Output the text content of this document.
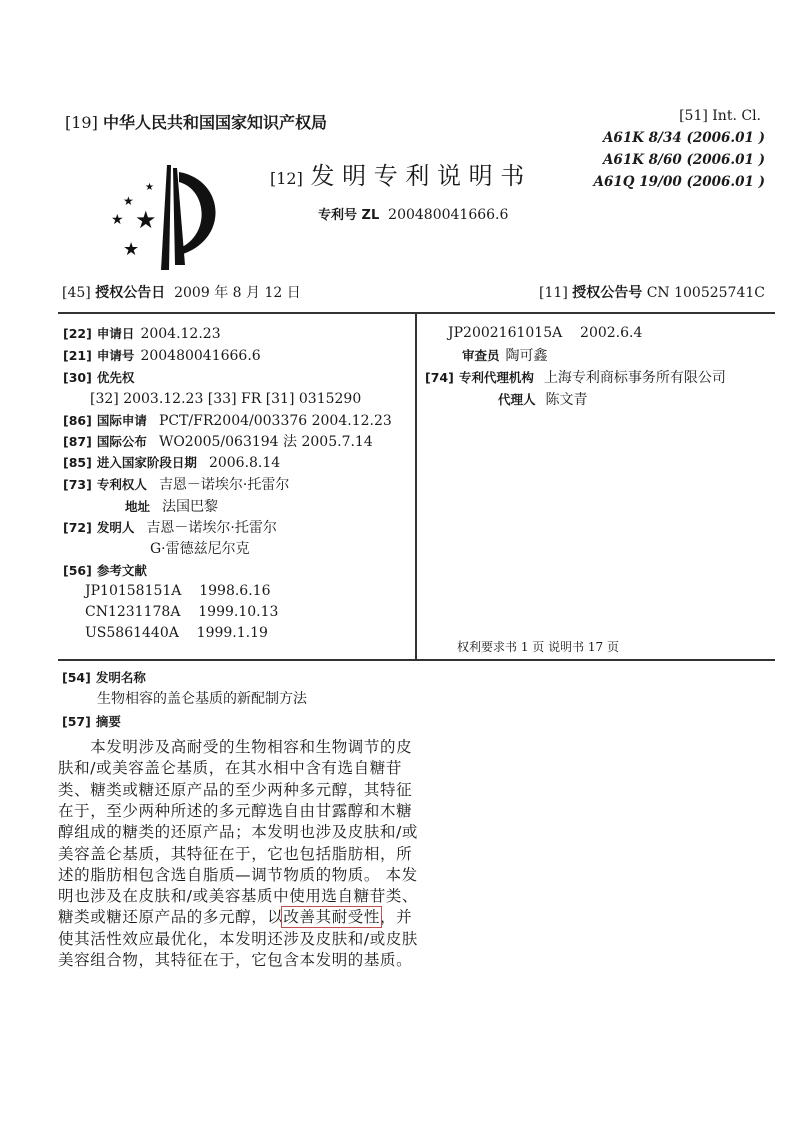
[19] 中华人民共和国国家知识产权局
★
★
★
★
★
[12] 发 明 专 利 说 明 书
专利号 ZL 200480041666.6
[51] Int. Cl.
A61K 8/34 (2006.01 )
A61K 8/60 (2006.01 )
A61Q 19/00 (2006.01 )
[45] 授权公告日 2009 年 8 月 12 日	[11] 授权公告号 CN 100525741C
[22] 申请日 2004.12.23
[21] 申请号 200480041666.6
[30] 优先权
[32] 2003.12.23 [33] FR [31] 0315290
[86] 国际申请 PCT/FR2004/003376 2004.12.23
[87] 国际公布 WO2005/063194 法 2005.7.14
[85] 进入国家阶段日期 2006.8.14
[73] 专利权人 吉恩－诺埃尔·托雷尔
地址 法国巴黎
[72] 发明人 吉恩－诺埃尔·托雷尔
G·雷德兹尼尔克
[56] 参考文献
JP10158151A 1998.6.16
CN1231178A 1999.10.13
US5861440A 1999.1.19
JP2002161015A 2002.6.4
审查员 陶可鑫
[74] 专利代理机构 上海专利商标事务所有限公司
代理人 陈文青
权利要求书 1 页 说明书 17 页
[54] 发明名称
生物相容的盖仑基质的新配制方法
[57] 摘要
　　本发明涉及高耐受的生物相容和生物调节的皮
肤和/或美容盖仑基质，在其水相中含有选自糖苷
类、糖类或糖还原产品的至少两种多元醇，其特征
在于，至少两种所述的多元醇选自由甘露醇和木糖
醇组成的糖类的还原产品；本发明也涉及皮肤和/或
美容盖仑基质，其特征在于，它也包括脂肪相，所
述的脂肪相包含选自脂质—调节物质的物质。 本发
明也涉及在皮肤和/或美容基质中使用选自糖苷类、
糖类或糖还原产品的多元醇，以改善其耐受性，并
使其活性效应最优化，本发明还涉及皮肤和/或皮肤
美容组合物，其特征在于，它包含本发明的基质。
